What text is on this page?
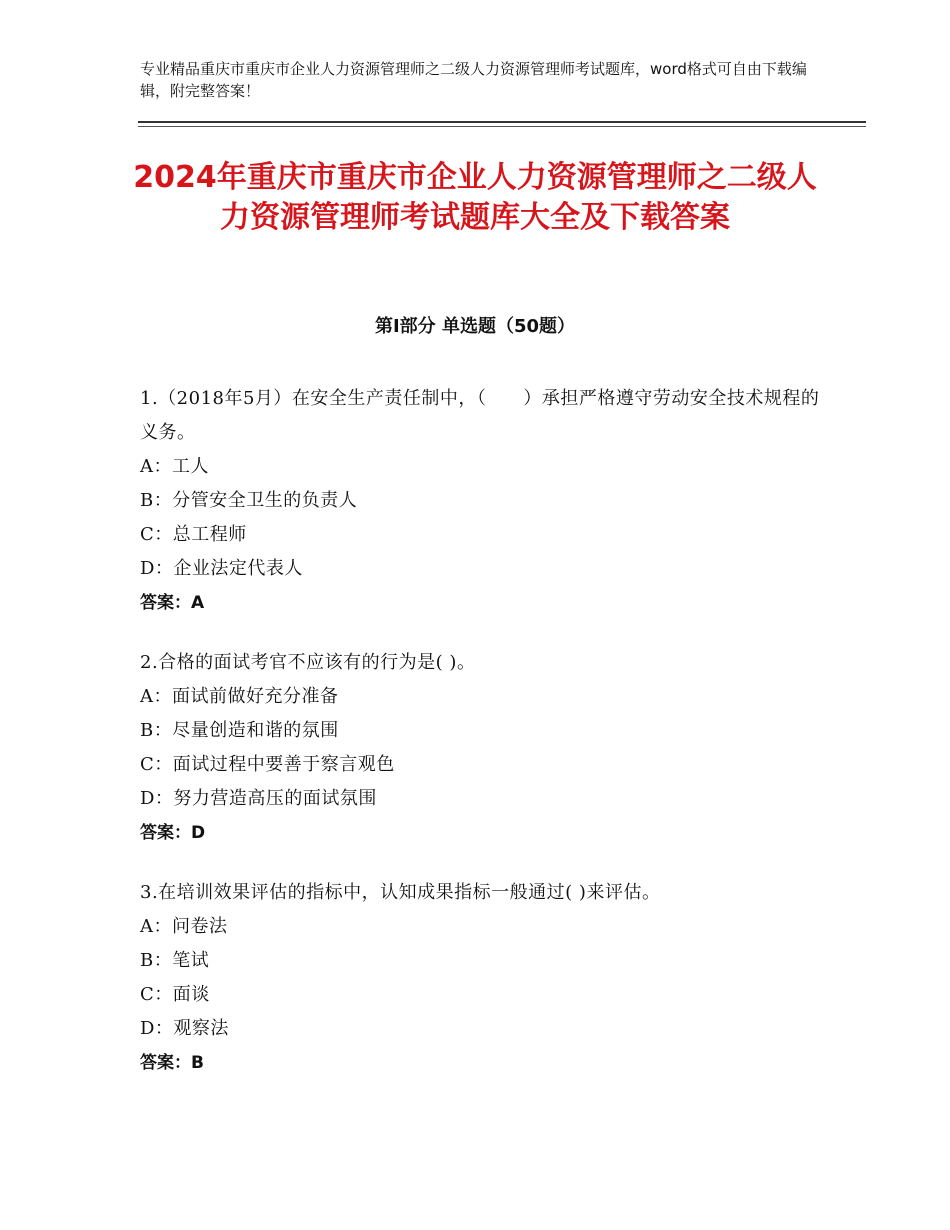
专业精品重庆市重庆市企业人力资源管理师之二级人力资源管理师考试题库，word格式可自由下载编辑，附完整答案！
2024年重庆市重庆市企业人力资源管理师之二级人力资源管理师考试题库大全及下载答案
第Ⅰ部分 单选题（50题）
1.（2018年5月）在安全生产责任制中，（　　）承担严格遵守劳动安全技术规程的义务。
A：工人
B：分管安全卫生的负责人
C：总工程师
D：企业法定代表人
答案：A
2.合格的面试考官不应该有的行为是( )。
A：面试前做好充分准备
B：尽量创造和谐的氛围
C：面试过程中要善于察言观色
D：努力营造高压的面试氛围
答案：D
3.在培训效果评估的指标中，认知成果指标一般通过( )来评估。
A：问卷法
B：笔试
C：面谈
D：观察法
答案：B
